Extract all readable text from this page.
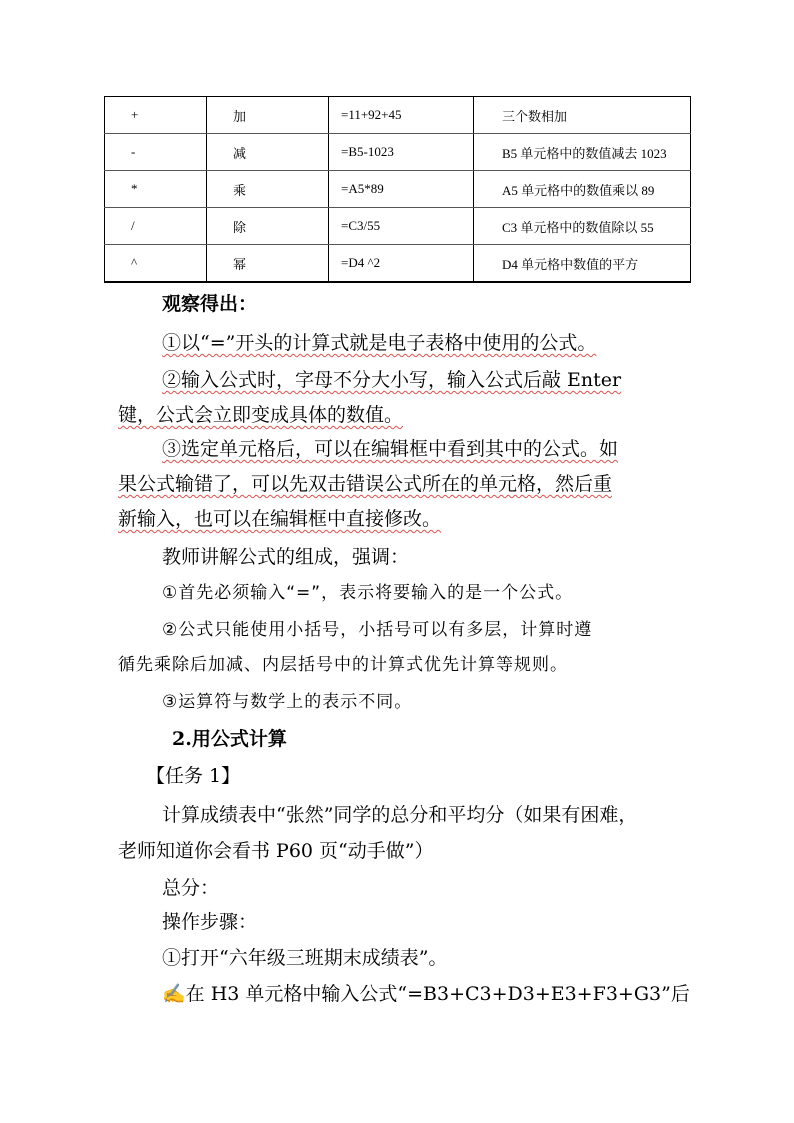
+	加	=11+92+45	三个数相加
-	减	=B5-1023	B5 单元格中的数值减去 1023
*	乘	=A5*89	A5 单元格中的数值乘以 89
/	除	=C3/55	C3 单元格中的数值除以 55
^	幂	=D4 ^2	D4 单元格中数值的平方
观察得出：
①以“=”开头的计算式就是电子表格中使用的公式。
②输入公式时，字母不分大小写，输入公式后敲 Enter
键，公式会立即变成具体的数值。
③选定单元格后，可以在编辑框中看到其中的公式。如
果公式输错了，可以先双击错误公式所在的单元格，然后重
新输入，也可以在编辑框中直接修改。
教师讲解公式的组成，强调：
①首先必须输入“=”，表示将要输入的是一个公式。
②公式只能使用小括号，小括号可以有多层，计算时遵
循先乘除后加减、内层括号中的计算式优先计算等规则。
③运算符与数学上的表示不同。
2.用公式计算
【任务 1】
计算成绩表中“张然”同学的总分和平均分（如果有困难，
老师知道你会看书 P60 页“动手做”）
总分：
操作步骤：
①打开“六年级三班期末成绩表”。
✍在 H3 单元格中输入公式“=B3+C3+D3+E3+F3+G3”后
